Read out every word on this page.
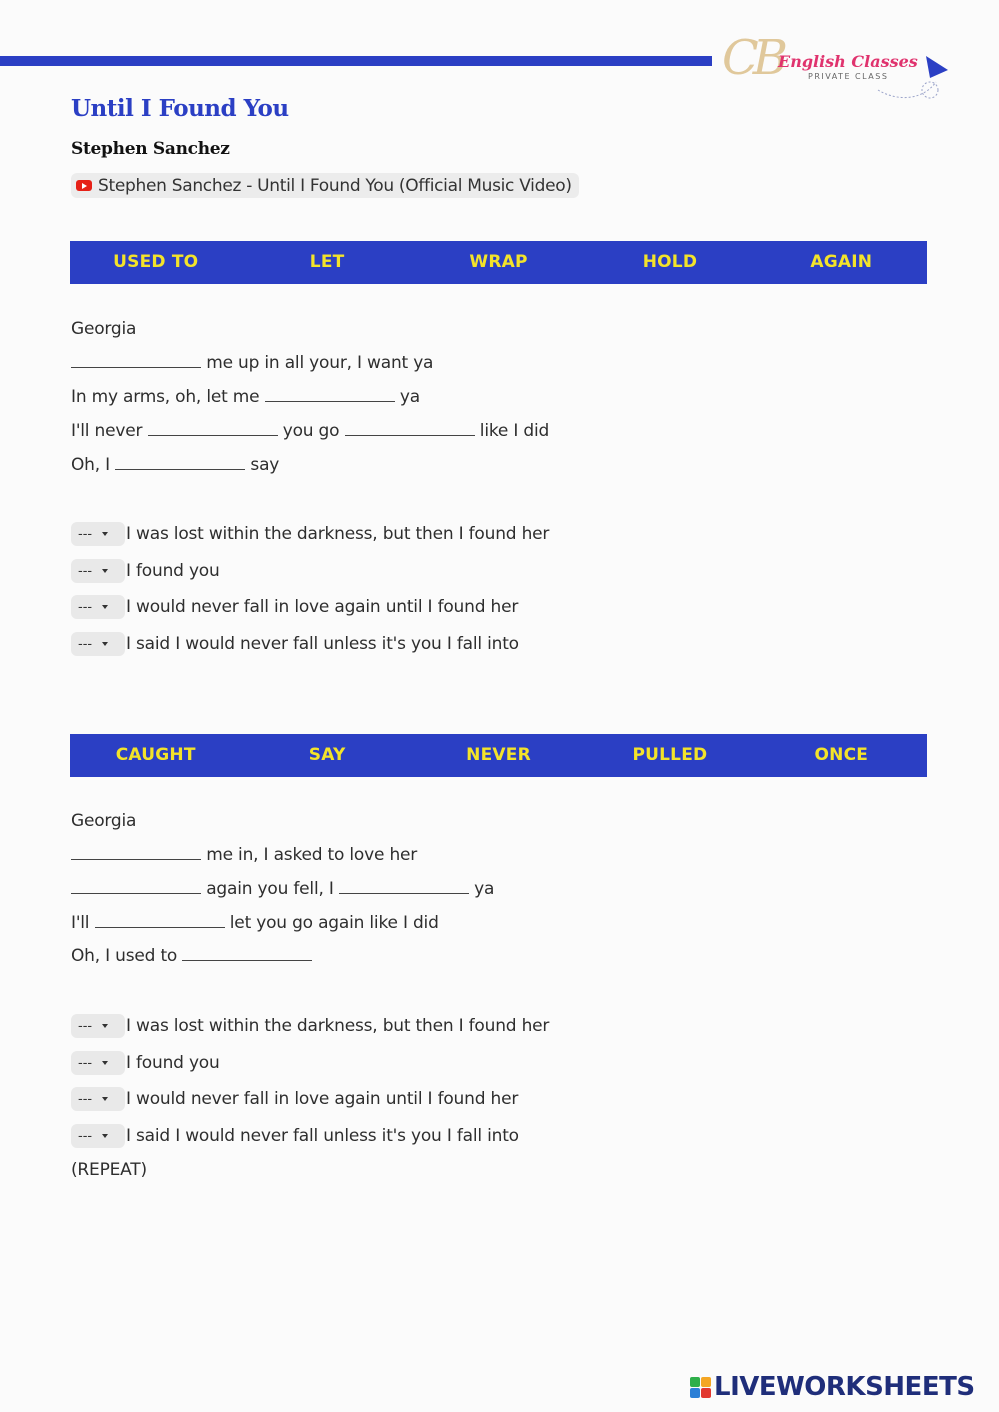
CB
English Classes
PRIVATE CLASS
Until I Found You
Stephen Sanchez
Stephen Sanchez - Until I Found You (Official Music Video)
USED TO	LET	WRAP	HOLD	AGAIN
Georgia
me up in all your, I want ya
In my arms, oh, let me	ya
I'll never	you go	like I did
Oh, I	say
--- I was lost within the darkness, but then I found her
--- I found you
--- I would never fall in love again until I found her
--- I said I would never fall unless it's you I fall into
CAUGHT	SAY	NEVER	PULLED	ONCE
Georgia
me in, I asked to love her
again you fell, I	ya
I'll	let you go again like I did
Oh, I used to
--- I was lost within the darkness, but then I found her
--- I found you
--- I would never fall in love again until I found her
--- I said I would never fall unless it's you I fall into
(REPEAT)
LIVEWORKSHEETS
